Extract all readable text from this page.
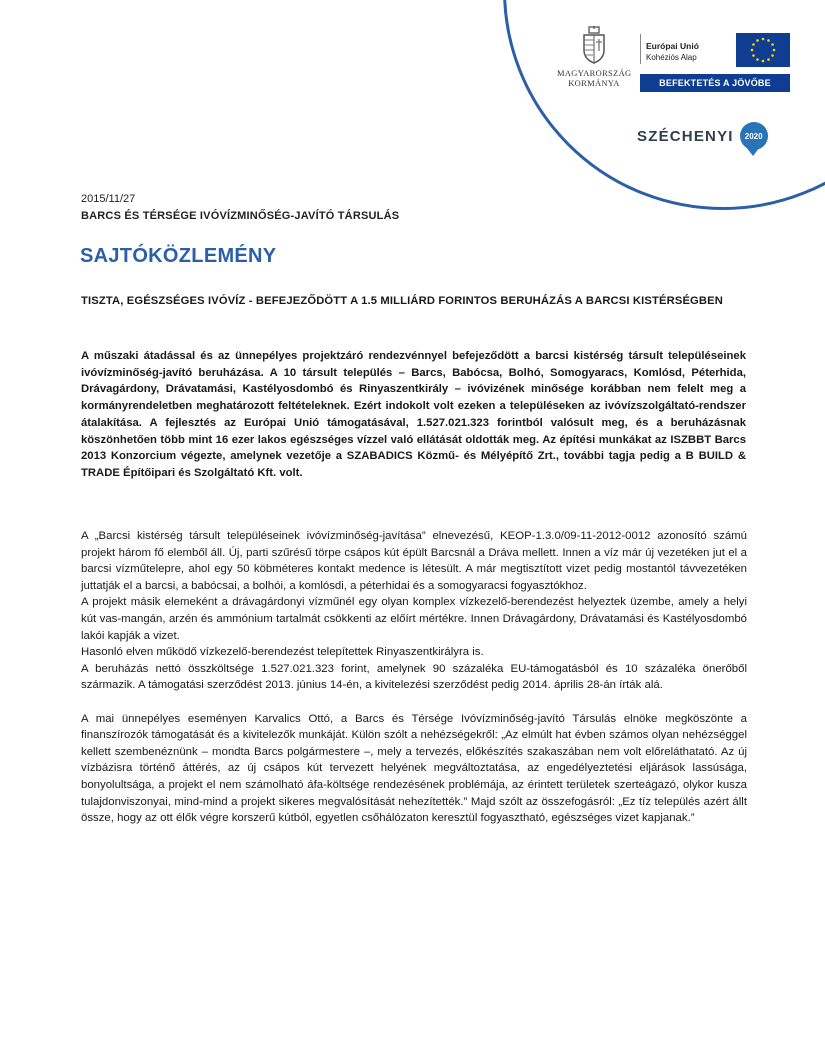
MAGYARORSZÁG
KORMÁNYA
Európai Unió
Kohéziós Alap
BEFEKTETÉS A JÖVŐBE
SZÉCHENYI 2020
2015/11/27
BARCS ÉS TÉRSÉGE IVÓVÍZMINŐSÉG-JAVÍTÓ TÁRSULÁS
SAJTÓKÖZLEMÉNY
TISZTA, EGÉSZSÉGES IVÓVÍZ - BEFEJEZŐDÖTT A 1.5 MILLIÁRD FORINTOS BERUHÁZÁS A BARCSI KISTÉRSÉGBEN
A műszaki átadással és az ünnepélyes projektzáró rendezvénnyel befejeződött a barcsi kistérség társult településeinek ivóvízminőség-javító beruházása. A 10 társult település – Barcs, Babócsa, Bolhó, Somogyaracs, Komlósd, Péterhida, Drávagárdony, Drávatamási, Kastélyosdombó és Rinyaszentkirály – ivóvizének minősége korábban nem felelt meg a kormányrendeletben meghatározott feltételeknek. Ezért indokolt volt ezeken a településeken az ivóvízszolgáltató-rendszer átalakítása. A fejlesztés az Európai Unió támogatásával, 1.527.021.323 forintból valósult meg, és a beruházásnak köszönhetően több mint 16 ezer lakos egészséges vízzel való ellátását oldották meg. Az építési munkákat az ISZBBT Barcs 2013 Konzorcium végezte, amelynek vezetője a SZABADICS Közmű- és Mélyépítő Zrt., további tagja pedig a B BUILD & TRADE Építőipari és Szolgáltató Kft. volt.

A „Barcsi kistérség társult településeinek ivóvízminőség-javítása” elnevezésű, KEOP-1.3.0/09-11-2012-0012 azonosító számú projekt három fő elemből áll. Új, parti szűrésű törpe csápos kút épült Barcsnál a Dráva mellett. Innen a víz már új vezetéken jut el a barcsi vízműtelepre, ahol egy 50 köbméteres kontakt medence is létesült. A már megtisztított vizet pedig mostantól távvezetéken juttatják el a barcsi, a babócsai, a bolhói, a komlósdi, a péterhidai és a somogyaracsi fogyasztókhoz.

A projekt másik elemeként a drávagárdonyi vízműnél egy olyan komplex vízkezelő-berendezést helyeztek üzembe, amely a helyi kút vas-mangán, arzén és ammónium tartalmát csökkenti az előírt mértékre. Innen Drávagárdony, Drávatamási és Kastélyosdombó lakói kapják a vizet.

Hasonló elven működő vízkezelő-berendezést telepítettek Rinyaszentkirályra is.

A beruházás nettó összköltsége 1.527.021.323 forint, amelynek 90 százaléka EU-támogatásból és 10 százaléka önerőből származik. A támogatási szerződést 2013. június 14-én, a kivitelezési szerződést pedig 2014. április 28-án írták alá.

A mai ünnepélyes eseményen Karvalics Ottó, a Barcs és Térsége Ivóvízminőség-javító Társulás elnöke megköszönte a finanszírozók támogatását és a kivitelezők munkáját. Külön szólt a nehézségekről: „Az elmúlt hat évben számos olyan nehézséggel kellett szembenéznünk – mondta Barcs polgármestere –, mely a tervezés, előkészítés szakaszában nem volt előreláthatató. Az új vízbázisra történő áttérés, az új csápos kút tervezett helyének megváltoztatása, az engedélyeztetési eljárások lassúsága, bonyolultsága, a projekt el nem számolható áfa-költsége rendezésének problémája, az érintett területek szerteágazó, olykor kusza tulajdonviszonyai, mind-mind a projekt sikeres megvalósítását nehezítették.” Majd szólt az összefogásról: „Ez tíz település azért állt össze, hogy az ott élők végre korszerű kútból, egyetlen csőhálózaton keresztül fogyasztható, egészséges vizet kapjanak.”
